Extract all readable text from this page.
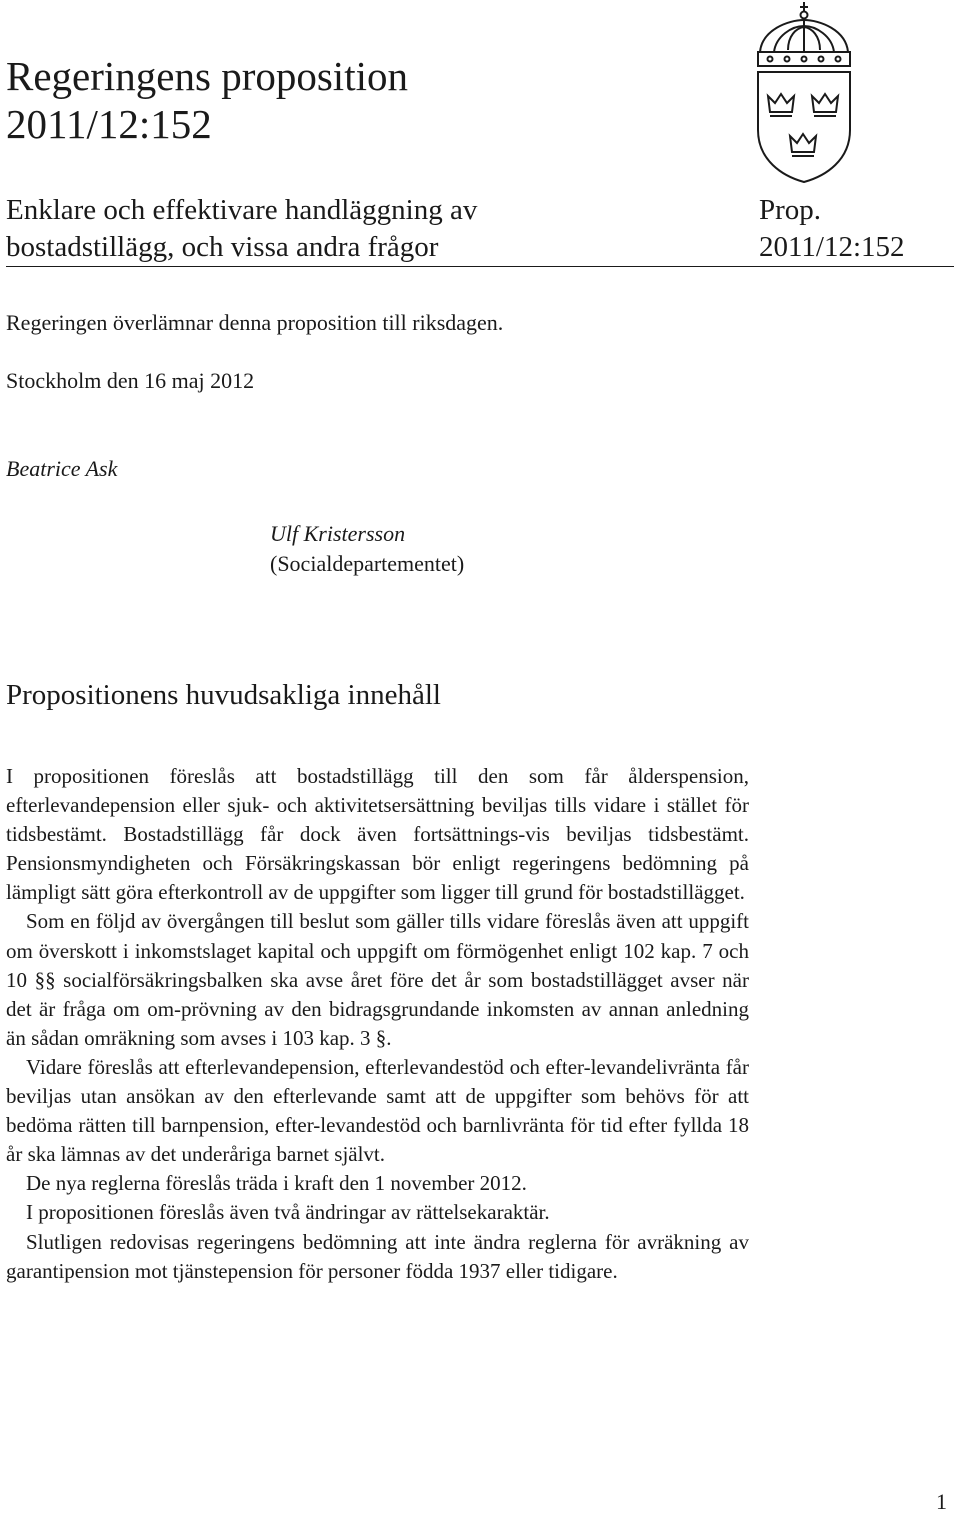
Regeringens proposition
2011/12:152
Enklare och effektivare handläggning av bostadstillägg, och vissa andra frågor
Prop. 2011/12:152
Regeringen överlämnar denna proposition till riksdagen.
Stockholm den 16 maj 2012
Beatrice Ask
Ulf Kristersson
(Socialdepartementet)
Propositionens huvudsakliga innehåll

I propositionen föreslås att bostadstillägg till den som får ålderspension, efterlevandepension eller sjuk- och aktivitetsersättning beviljas tills vidare i stället för tidsbestämt. Bostadstillägg får dock även fortsättnings-vis beviljas tidsbestämt. Pensionsmyndigheten och Försäkringskassan bör enligt regeringens bedömning på lämpligt sätt göra efterkontroll av de uppgifter som ligger till grund för bostadstillägget.

Som en följd av övergången till beslut som gäller tills vidare föreslås även att uppgift om överskott i inkomstslaget kapital och uppgift om förmögenhet enligt 102 kap. 7 och 10 §§ socialförsäkringsbalken ska avse året före det år som bostadstillägget avser när det är fråga om om-prövning av den bidragsgrundande inkomsten av annan anledning än sådan omräkning som avses i 103 kap. 3 §.

Vidare föreslås att efterlevandepension, efterlevandestöd och efter-levandelivränta får beviljas utan ansökan av den efterlevande samt att de uppgifter som behövs för att bedöma rätten till barnpension, efter-levandestöd och barnlivränta för tid efter fyllda 18 år ska lämnas av det underåriga barnet självt.

De nya reglerna föreslås träda i kraft den 1 november 2012.

I propositionen föreslås även två ändringar av rättelsekaraktär.

Slutligen redovisas regeringens bedömning att inte ändra reglerna för avräkning av garantipension mot tjänstepension för personer födda 1937 eller tidigare.

1
